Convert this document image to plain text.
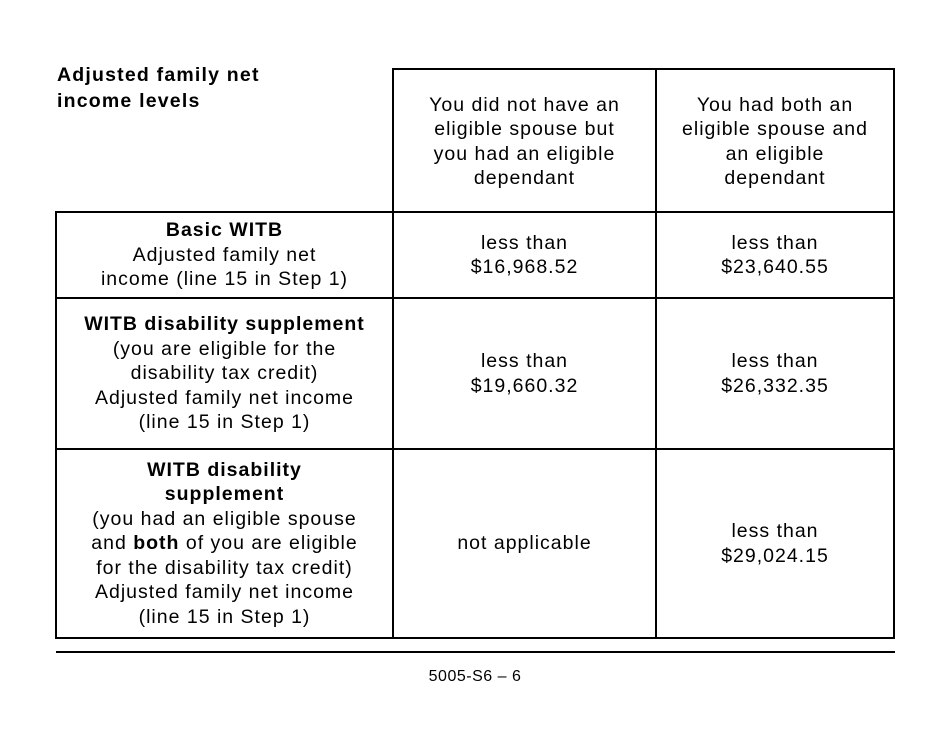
Adjusted family net
income levels	You did not have an
eligible spouse but
you had an eligible
dependant
You had both an
eligible spouse and
an eligible
dependant
Basic WITB
Adjusted family net
income (line 15 in Step 1)
less than
$16,968.52
less than
$23,640.55
WITB disability supplement
(you are eligible for the
disability tax credit)
Adjusted family net income
(line 15 in Step 1)
less than
$19,660.32
less than
$26,332.35
WITB disability
supplement
(you had an eligible spouse
and both of you are eligible
for the disability tax credit)
Adjusted family net income
(line 15 in Step 1)
not applicable
less than
$29,024.15
5005-S6 – 6
